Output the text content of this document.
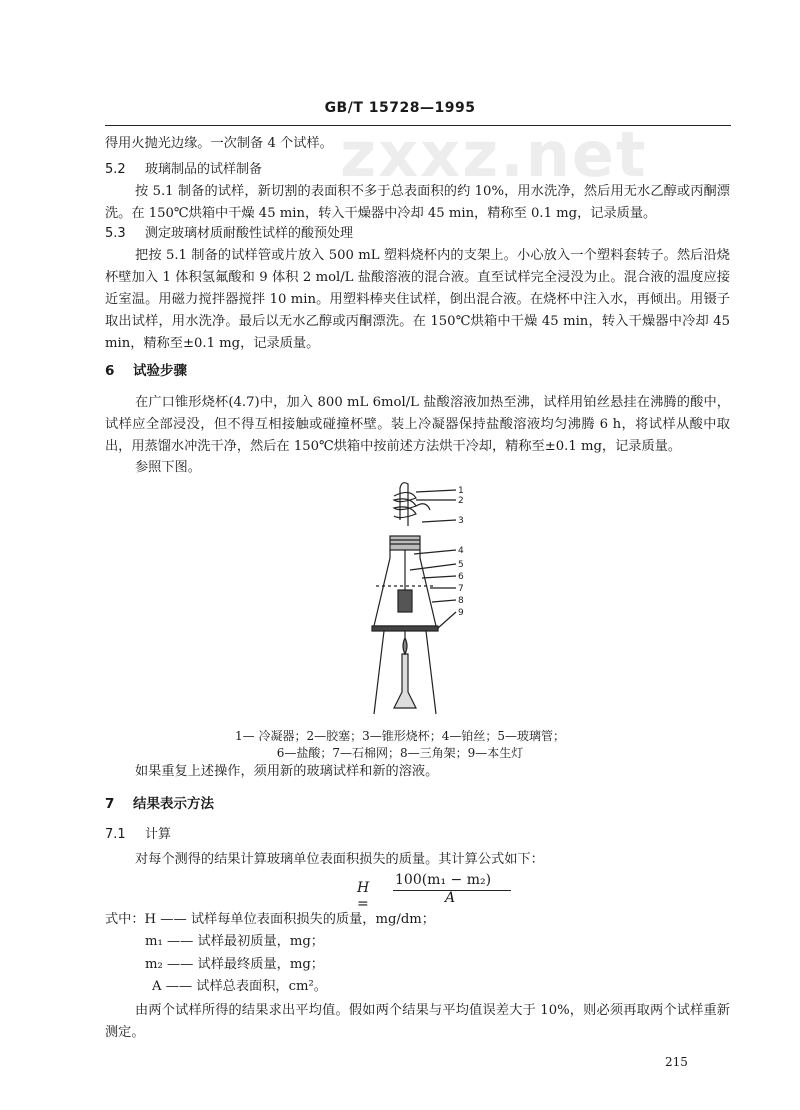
GB/T 15728—1995
zxxz.net
得用火抛光边缘。一次制备 4 个试样。
5.2 玻璃制品的试样制备
按 5.1 制备的试样，新切割的表面积不多于总表面积的约 10%，用水洗净，然后用无水乙醇或丙酮漂洗。在 150℃烘箱中干燥 45 min，转入干燥器中冷却 45 min，精称至 0.1 mg，记录质量。
5.3 测定玻璃材质耐酸性试样的酸预处理
把按 5.1 制备的试样管或片放入 500 mL 塑料烧杯内的支架上。小心放入一个塑料套转子。然后沿烧杯壁加入 1 体积氢氟酸和 9 体积 2 mol/L 盐酸溶液的混合液。直至试样完全浸没为止。混合液的温度应接近室温。用磁力搅拌器搅拌 10 min。用塑料棒夹住试样，倒出混合液。在烧杯中注入水，再倾出。用镊子取出试样，用水洗净。最后以无水乙醇或丙酮漂洗。在 150℃烘箱中干燥 45 min，转入干燥器中冷却 45 min，精称至±0.1 mg，记录质量。
6 试验步骤
在广口锥形烧杯(4.7)中，加入 800 mL 6mol/L 盐酸溶液加热至沸，试样用铂丝悬挂在沸腾的酸中，试样应全部浸没，但不得互相接触或碰撞杯壁。装上冷凝器保持盐酸溶液均匀沸腾 6 h，将试样从酸中取出，用蒸馏水冲洗干净，然后在 150℃烘箱中按前述方法烘干冷却，精称至±0.1 mg，记录质量。
参照下图。
1
2
3
4
5
6
7
8
9
1— 冷凝器；2—胶塞；3—锥形烧杯；4—铂丝；5—玻璃管；
6—盐酸；7—石棉网；8—三角架；9—本生灯
如果重复上述操作，须用新的玻璃试样和新的溶液。
7 结果表示方法
7.1 计算
对每个测得的结果计算玻璃单位表面积损失的质量。其计算公式如下：
H =
100(m₁ − m₂)
A
式中：H —— 试样每单位表面积损失的质量，mg/dm；
m₁ —— 试样最初质量，mg；
m₂ —— 试样最终质量，mg；
A —— 试样总表面积，cm²。
由两个试样所得的结果求出平均值。假如两个结果与平均值误差大于 10%，则必须再取两个试样重新测定。
215
